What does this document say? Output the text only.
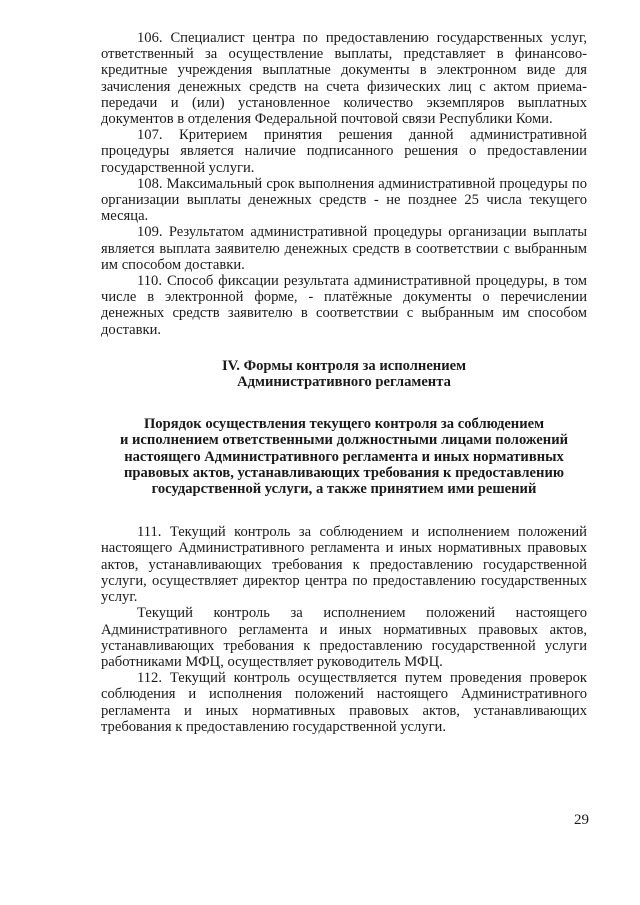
106. Специалист центра по предоставлению государственных услуг, ответственный за осуществление выплаты, представляет в финансово-кредитные учреждения выплатные документы в электронном виде для зачисления денежных средств на счета физических лиц с актом приема-передачи и (или) установленное количество экземпляров выплатных документов в отделения Федеральной почтовой связи Республики Коми.

107. Критерием принятия решения данной административной процедуры является наличие подписанного решения о предоставлении государственной услуги.

108. Максимальный срок выполнения административной процедуры по организации выплаты денежных средств - не позднее 25 числа текущего месяца.

109. Результатом административной процедуры организации выплаты является выплата заявителю денежных средств в соответствии с выбранным им способом доставки.

110. Способ фиксации результата административной процедуры, в том числе в электронной форме, - платёжные документы о перечислении денежных средств заявителю в соответствии с выбранным им способом доставки.

IV. Формы контроля за исполнением
Административного регламента
Порядок осуществления текущего контроля за соблюдением
и исполнением ответственными должностными лицами положений
настоящего Административного регламента и иных нормативных
правовых актов, устанавливающих требования к предоставлению
государственной услуги, а также принятием ими решений

111. Текущий контроль за соблюдением и исполнением положений настоящего Административного регламента и иных нормативных правовых актов, устанавливающих требования к предоставлению государственной услуги, осуществляет директор центра по предоставлению государственных услуг.

Текущий контроль за исполнением положений настоящего Административного регламента и иных нормативных правовых актов, устанавливающих требования к предоставлению государственной услуги работниками МФЦ, осуществляет руководитель МФЦ.

112. Текущий контроль осуществляется путем проведения проверок соблюдения и исполнения положений настоящего Административного регламента и иных нормативных правовых актов, устанавливающих требования к предоставлению государственной услуги.

29
